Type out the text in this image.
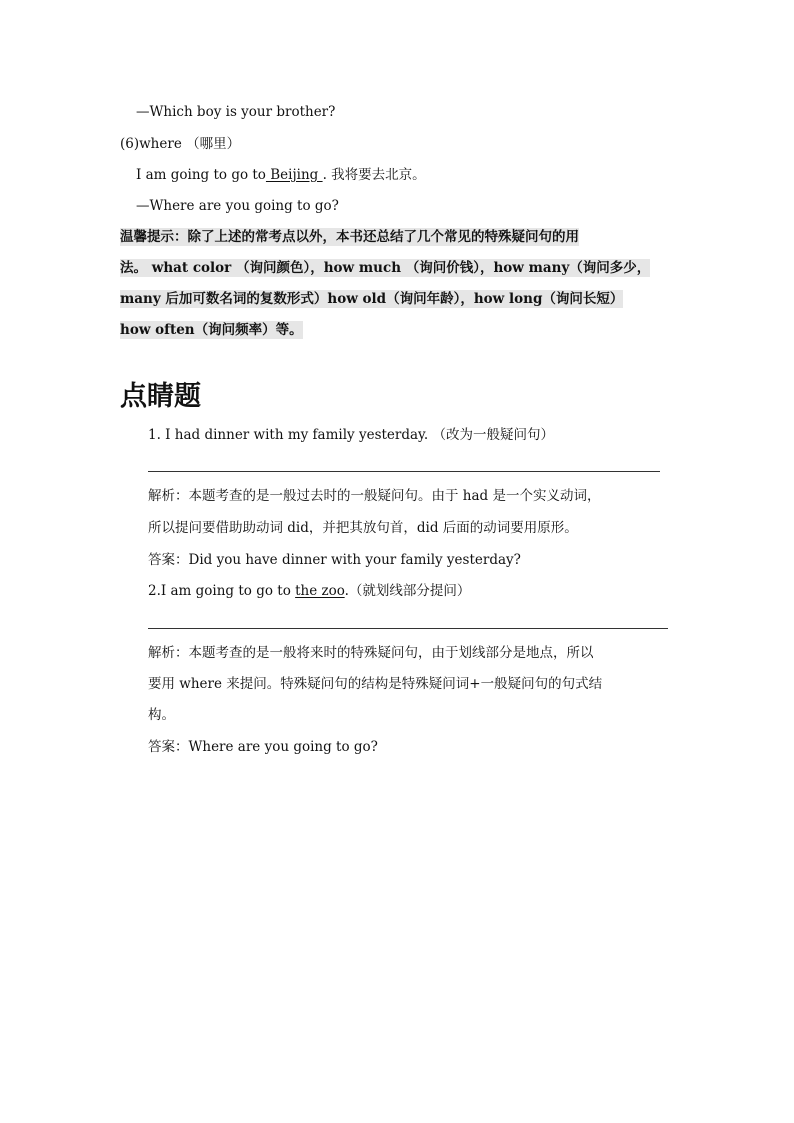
—Which boy is your brother?
(6)where （哪里）
I am going to go to Beijing . 我将要去北京。
—Where are you going to go?
温馨提示：除了上述的常考点以外，本书还总结了几个常见的特殊疑问句的用
法。 what color （询问颜色），how much （询问价钱），how many（询问多少，
many 后加可数名词的复数形式）how old（询问年龄），how long（询问长短）
how often（询问频率）等。
点睛题
1. I had dinner with my family yesterday. （改为一般疑问句）
解析：本题考查的是一般过去时的一般疑问句。由于 had 是一个实义动词，
所以提问要借助助动词 did，并把其放句首，did 后面的动词要用原形。
答案：Did you have dinner with your family yesterday?
2.I am going to go to the zoo.（就划线部分提问）
解析：本题考查的是一般将来时的特殊疑问句，由于划线部分是地点，所以
要用 where 来提问。特殊疑问句的结构是特殊疑问词+一般疑问句的句式结
构。
答案：Where are you going to go?
